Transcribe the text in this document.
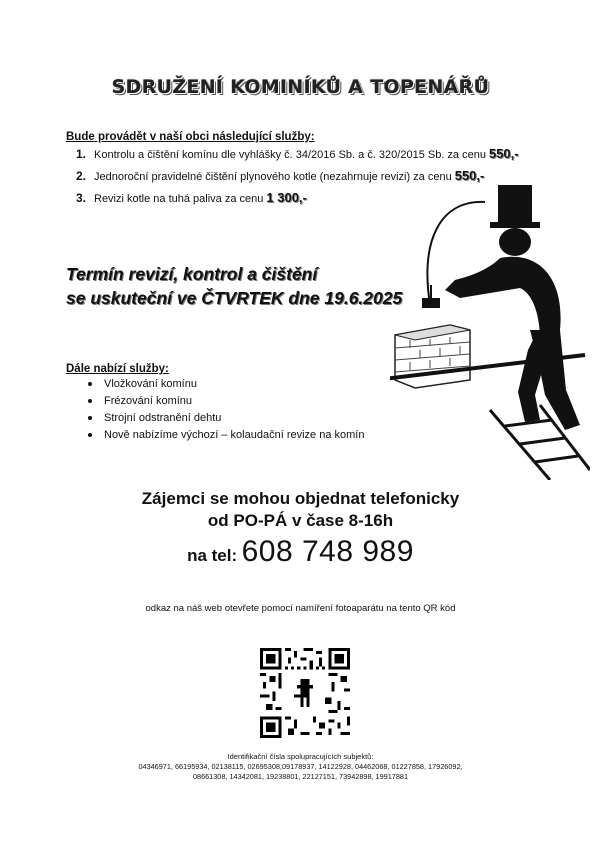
SDRUŽENÍ KOMINÍKŮ A TOPENÁŘŮ
Bude provádět v naší obci následující služby:
1. Kontrolu a čištění komínu dle vyhlášky č. 34/2016 Sb. a č. 320/2015 Sb. za cenu 550,-
2. Jednoroční pravidelné čištění plynového kotle (nezahrnuje revizi) za cenu 550,-
3. Revizi kotle na tuhá paliva za cenu 1 300,-
Termín revizí, kontrol a čištění
se uskuteční ve ČTVRTEK dne 19.6.2025
Dále nabízí služby:
Vložkování komínu
Frézování komínu
Strojní odstranění dehtu
Nově nabízíme výchozí – kolaudační revize na komín
Zájemci se mohou objednat telefonicky
od PO-PÁ v čase 8-16h
na tel: 608 748 989
odkaz na náš web otevřete pomocí namíření fotoaparátu na tento QR kód
Identifikační čísla spolupracujících subjektů:
04346971, 66195934, 02138115, 02695308,09178937, 14122928, 04462068, 01227858, 17926092, 08661308, 14342081, 19238801, 22127151, 73942898, 19917881
